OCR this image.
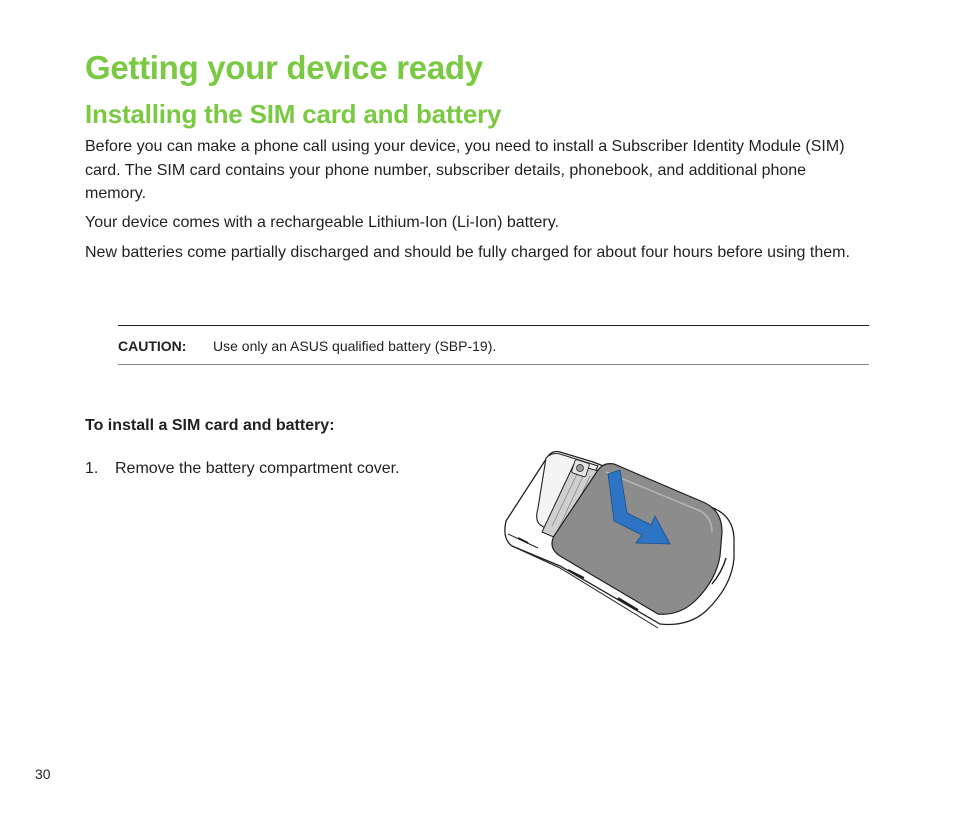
Getting your device ready
Installing the SIM card and battery

Before you can make a phone call using your device, you need to install a Subscriber Identity Module (SIM) card. The SIM card contains your phone number, subscriber details, phonebook, and additional phone memory.

Your device comes with a rechargeable Lithium-Ion (Li-Ion) battery.

New batteries come partially discharged and should be fully charged for about four hours before using them.

CAUTION: Use only an ASUS qualified battery (SBP-19).
To install a SIM card and battery:
1. Remove the battery compartment cover.
30
